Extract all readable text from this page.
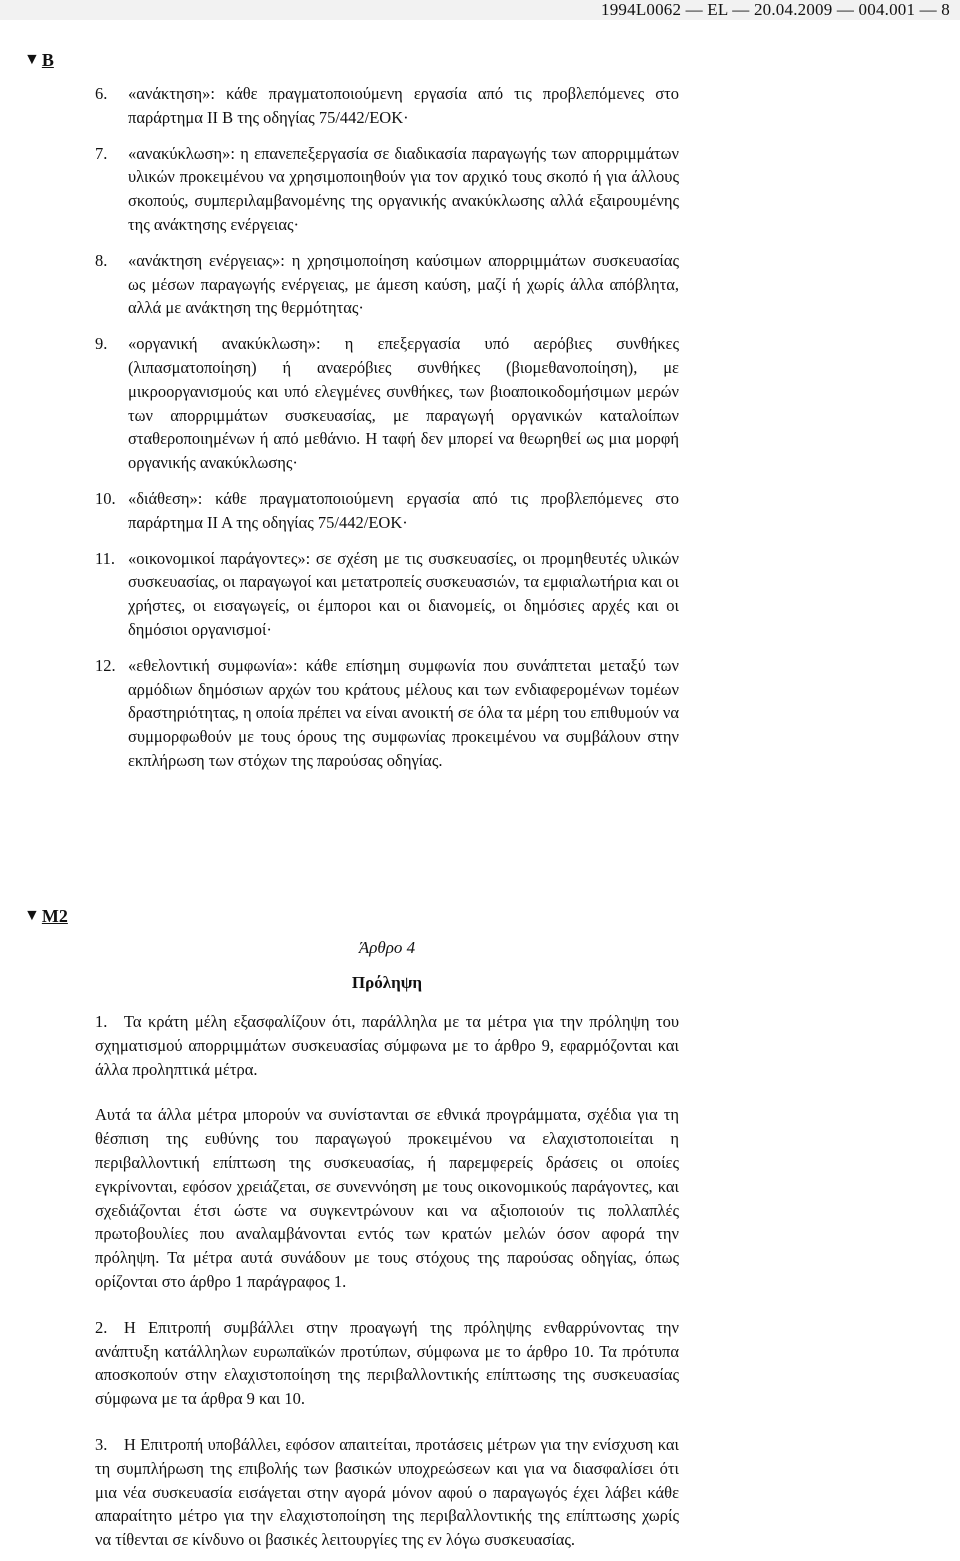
1994L0062 — EL — 20.04.2009 — 004.001 — 8
▼ B
6. «ανάκτηση»: κάθε πραγματοποιούμενη εργασία από τις προβλεπόμενες στο παράρτημα ΙΙ Β της οδηγίας 75/442/ΕΟΚ·
7. «ανακύκλωση»: η επανεπεξεργασία σε διαδικασία παραγωγής των απορριμμάτων υλικών προκειμένου να χρησιμοποιηθούν για τον αρχικό τους σκοπό ή για άλλους σκοπούς, συμπεριλαμβανομένης της οργανικής ανακύκλωσης αλλά εξαιρουμένης της ανάκτησης ενέργειας·
8. «ανάκτηση ενέργειας»: η χρησιμοποίηση καύσιμων απορριμμάτων συσκευασίας ως μέσων παραγωγής ενέργειας, με άμεση καύση, μαζί ή χωρίς άλλα απόβλητα, αλλά με ανάκτηση της θερμότητας·
9. «οργανική ανακύκλωση»: η επεξεργασία υπό αερόβιες συνθήκες (λιπασματοποίηση) ή αναερόβιες συνθήκες (βιομεθανοποίηση), με μικροοργανισμούς και υπό ελεγμένες συνθήκες, των βιοαποικοδομήσιμων μερών των απορριμμάτων συσκευασίας, με παραγωγή οργανικών καταλοίπων σταθεροποιημένων ή από μεθάνιο. Η ταφή δεν μπορεί να θεωρηθεί ως μια μορφή οργανικής ανακύκλωσης·
10. «διάθεση»: κάθε πραγματοποιούμενη εργασία από τις προβλεπόμενες στο παράρτημα ΙΙ Α της οδηγίας 75/442/ΕΟΚ·
11. «οικονομικοί παράγοντες»: σε σχέση με τις συσκευασίες, οι προμηθευτές υλικών συσκευασίας, οι παραγωγοί και μετατροπείς συσκευασιών, τα εμφιαλωτήρια και οι χρήστες, οι εισαγωγείς, οι έμποροι και οι διανομείς, οι δημόσιες αρχές και οι δημόσιοι οργανισμοί·
12. «εθελοντική συμφωνία»: κάθε επίσημη συμφωνία που συνάπτεται μεταξύ των αρμόδιων δημόσιων αρχών του κράτους μέλους και των ενδιαφερομένων τομέων δραστηριότητας, η οποία πρέπει να είναι ανοικτή σε όλα τα μέρη του επιθυμούν να συμμορφωθούν με τους όρους της συμφωνίας προκειμένου να συμβάλουν στην εκπλήρωση των στόχων της παρούσας οδηγίας.
▼ M2
Άρθρο 4
Πρόληψη

1. Τα κράτη μέλη εξασφαλίζουν ότι, παράλληλα με τα μέτρα για την πρόληψη του σχηματισμού απορριμμάτων συσκευασίας σύμφωνα με το άρθρο 9, εφαρμόζονται και άλλα προληπτικά μέτρα.

Αυτά τα άλλα μέτρα μπορούν να συνίστανται σε εθνικά προγράμματα, σχέδια για τη θέσπιση της ευθύνης του παραγωγού προκειμένου να ελαχιστοποιείται η περιβαλλοντική επίπτωση της συσκευασίας, ή παρεμφερείς δράσεις οι οποίες εγκρίνονται, εφόσον χρειάζεται, σε συνεννόηση με τους οικονομικούς παράγοντες, και σχεδιάζονται έτσι ώστε να συγκεντρώνουν και να αξιοποιούν τις πολλαπλές πρωτοβουλίες που αναλαμβάνονται εντός των κρατών μελών όσον αφορά την πρόληψη. Τα μέτρα αυτά συνάδουν με τους στόχους της παρούσας οδηγίας, όπως ορίζονται στο άρθρο 1 παράγραφος 1.

2. Η Επιτροπή συμβάλλει στην προαγωγή της πρόληψης ενθαρρύνοντας την ανάπτυξη κατάλληλων ευρωπαϊκών προτύπων, σύμφωνα με το άρθρο 10. Τα πρότυπα αποσκοπούν στην ελαχιστοποίηση της περιβαλλοντικής επίπτωσης της συσκευασίας σύμφωνα με τα άρθρα 9 και 10.

3. Η Επιτροπή υποβάλλει, εφόσον απαιτείται, προτάσεις μέτρων για την ενίσχυση και τη συμπλήρωση της επιβολής των βασικών υποχρεώσεων και για να διασφαλίσει ότι μια νέα συσκευασία εισάγεται στην αγορά μόνον αφού ο παραγωγός έχει λάβει κάθε απαραίτητο μέτρο για την ελαχιστοποίηση της περιβαλλοντικής της επίπτωσης χωρίς να τίθενται σε κίνδυνο οι βασικές λειτουργίες της εν λόγω συσκευασίας.
